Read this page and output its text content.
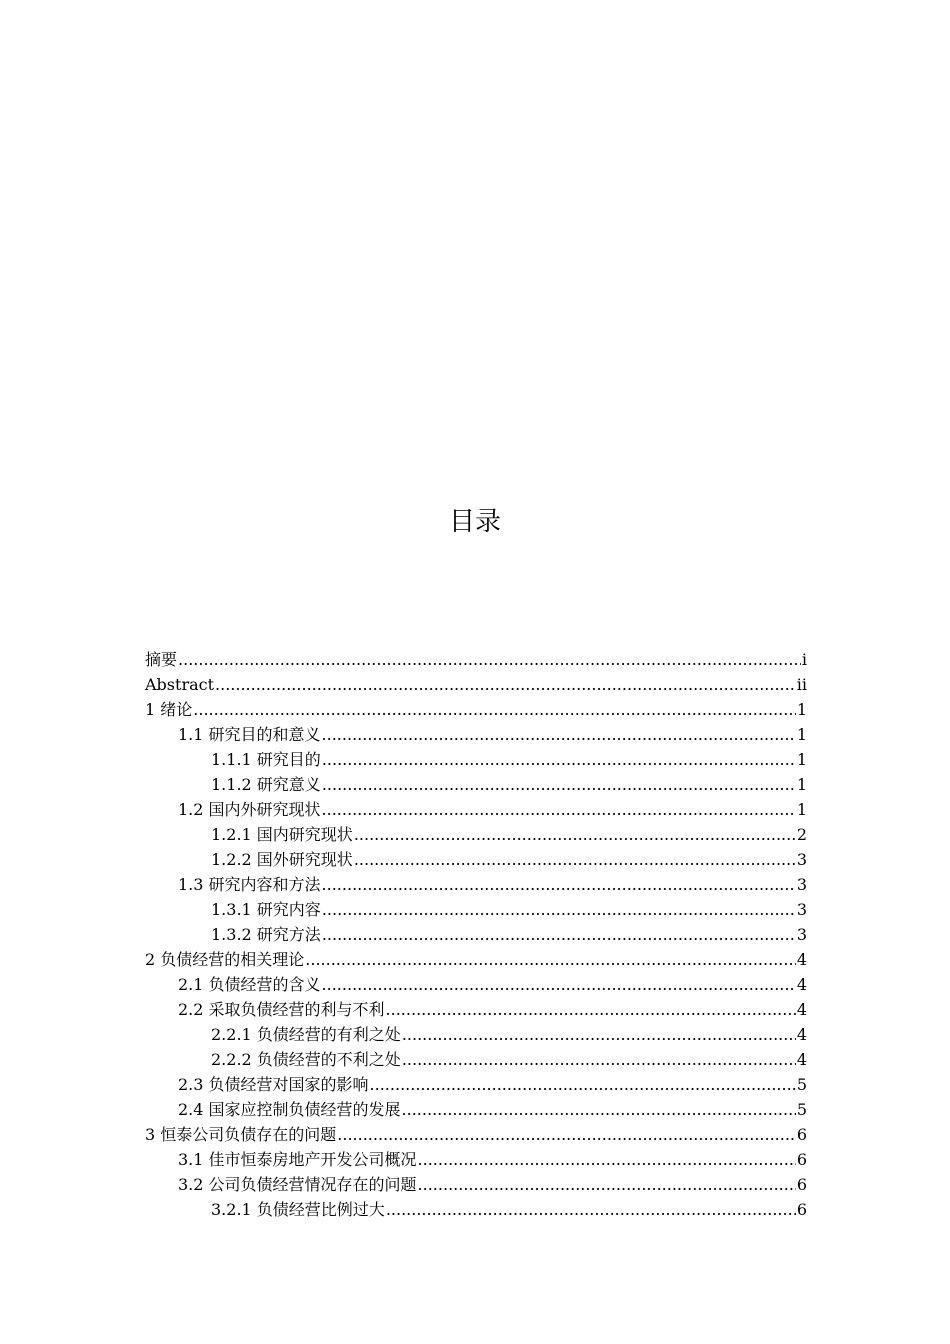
目录
摘要 .....	i
Abstract .....	ii
1 绪论 .....	1
1.1 研究目的和意义 .....	1
1.1.1 研究目的 .....	1
1.1.2 研究意义 .....	1
1.2 国内外研究现状 .....	1
1.2.1 国内研究现状 .....	2
1.2.2 国外研究现状 .....	3
1.3 研究内容和方法 .....	3
1.3.1 研究内容 .....	3
1.3.2 研究方法 .....	3
2 负债经营的相关理论 .....	4
2.1 负债经营的含义 .....	4
2.2 采取负债经营的利与不利 .....	4
2.2.1 负债经营的有利之处 .....	4
2.2.2 负债经营的不利之处 .....	4
2.3 负债经营对国家的影响 .....	5
2.4 国家应控制负债经营的发展 .....	5
3 恒泰公司负债存在的问题 .....	6
3.1 佳市恒泰房地产开发公司概况 .....	6
3.2 公司负债经营情况存在的问题 .....	6
3.2.1 负债经营比例过大 .....	6
